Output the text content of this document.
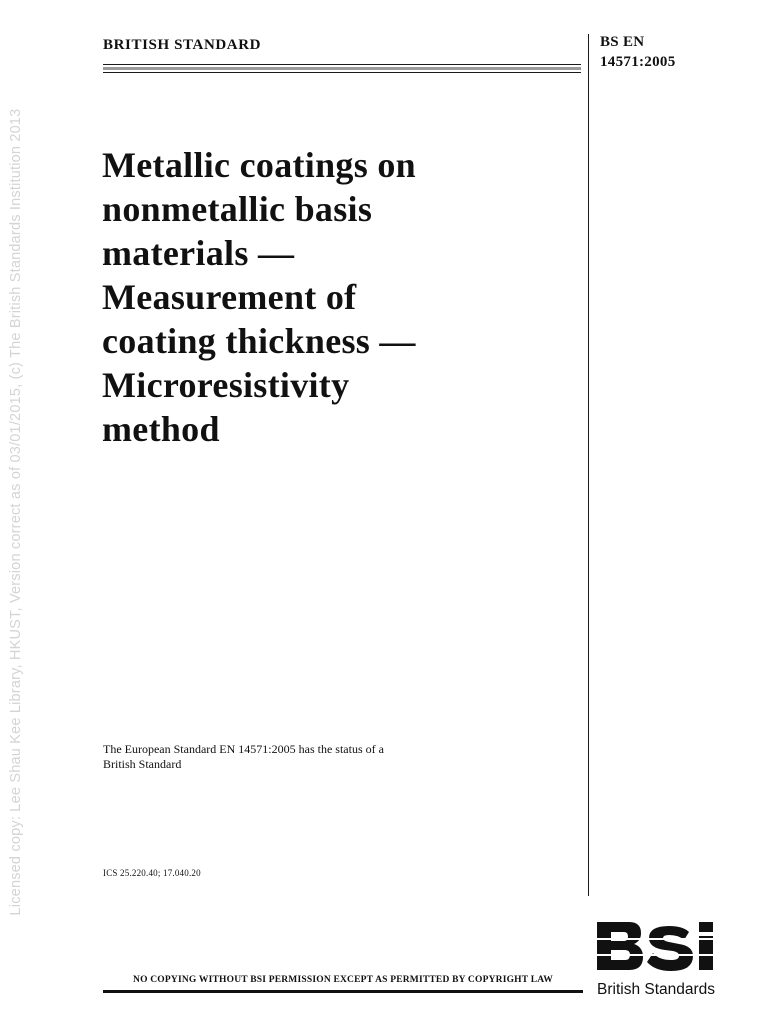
Licensed copy: Lee Shau Kee Library, HKUST, Version correct as of 03/01/2015, (c) The British Standards Institution 2013
BRITISH STANDARD	BS EN
14571:2005
Metallic coatings on
nonmetallic basis
materials —
Measurement of
coating thickness —
Microresistivity
method
The European Standard EN 14571:2005 has the status of a
British Standard
ICS 25.220.40; 17.040.20
NO COPYING WITHOUT BSI PERMISSION EXCEPT AS PERMITTED BY COPYRIGHT LAW
British Standards
